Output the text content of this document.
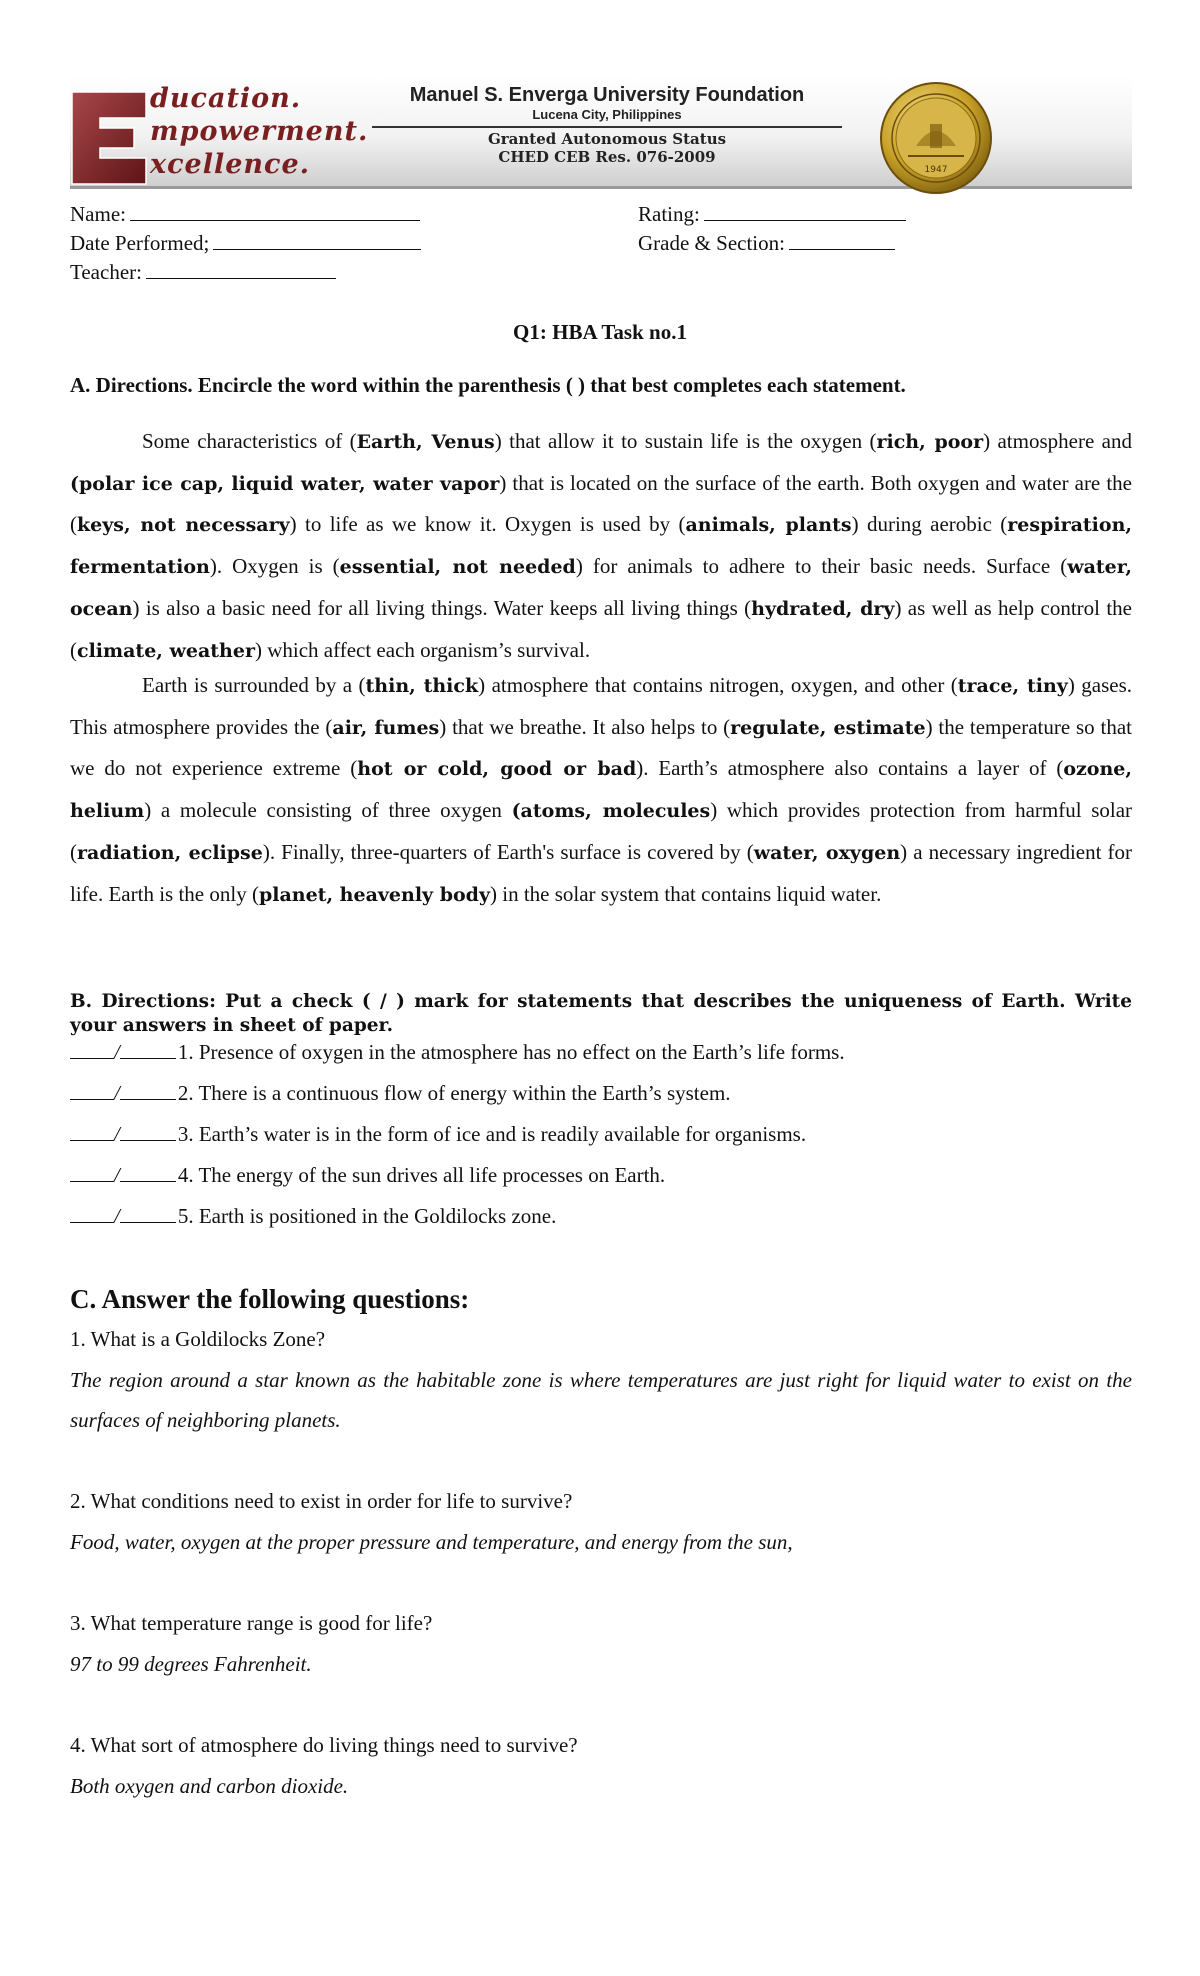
ducation.
mpowerment.
xcellence.
Manuel S. Enverga University Foundation
Lucena City, Philippines
Granted Autonomous Status
CHED CEB Res. 076-2009
1947
Name:
Date Performed;
Teacher:
Rating:
Grade & Section:
Q1: HBA Task no.1
A. Directions. Encircle the word within the parenthesis ( ) that best completes each statement.

Some characteristics of (Earth, Venus) that allow it to sustain life is the oxygen (rich, poor) atmosphere and (polar ice cap, liquid water, water vapor) that is located on the surface of the earth. Both oxygen and water are the (keys, not necessary) to life as we know it. Oxygen is used by (animals, plants) during aerobic (respiration, fermentation). Oxygen is (essential, not needed) for animals to adhere to their basic needs. Surface (water, ocean) is also a basic need for all living things. Water keeps all living things (hydrated, dry) as well as help control the (climate, weather) which affect each organism’s survival.

Earth is surrounded by a (thin, thick) atmosphere that contains nitrogen, oxygen, and other (trace, tiny) gases. This atmosphere provides the (air, fumes) that we breathe. It also helps to (regulate, estimate) the temperature so that we do not experience extreme (hot or cold, good or bad). Earth’s atmosphere also contains a layer of (ozone, helium) a molecule consisting of three oxygen (atoms, molecules) which provides protection from harmful solar (radiation, eclipse). Finally, three-quarters of Earth's surface is covered by (water, oxygen) a necessary ingredient for life. Earth is the only (planet, heavenly body) in the solar system that contains liquid water.

B. Directions: Put a check ( / ) mark for statements that describes the uniqueness of Earth. Write your answers in sheet of paper.
/	1. Presence of oxygen in the atmosphere has no effect on the Earth’s life forms.
/	2. There is a continuous flow of energy within the Earth’s system.
/	3. Earth’s water is in the form of ice and is readily available for organisms.
/	4. The energy of the sun drives all life processes on Earth.
/	5. Earth is positioned in the Goldilocks zone.
C. Answer the following questions:

1. What is a Goldilocks Zone?

The region around a star known as the habitable zone is where temperatures are just right for liquid water to exist on the surfaces of neighboring planets.

2. What conditions need to exist in order for life to survive?

Food, water, oxygen at the proper pressure and temperature, and energy from the sun,

3. What temperature range is good for life?

97 to 99 degrees Fahrenheit.

4. What sort of atmosphere do living things need to survive?

Both oxygen and carbon dioxide.
